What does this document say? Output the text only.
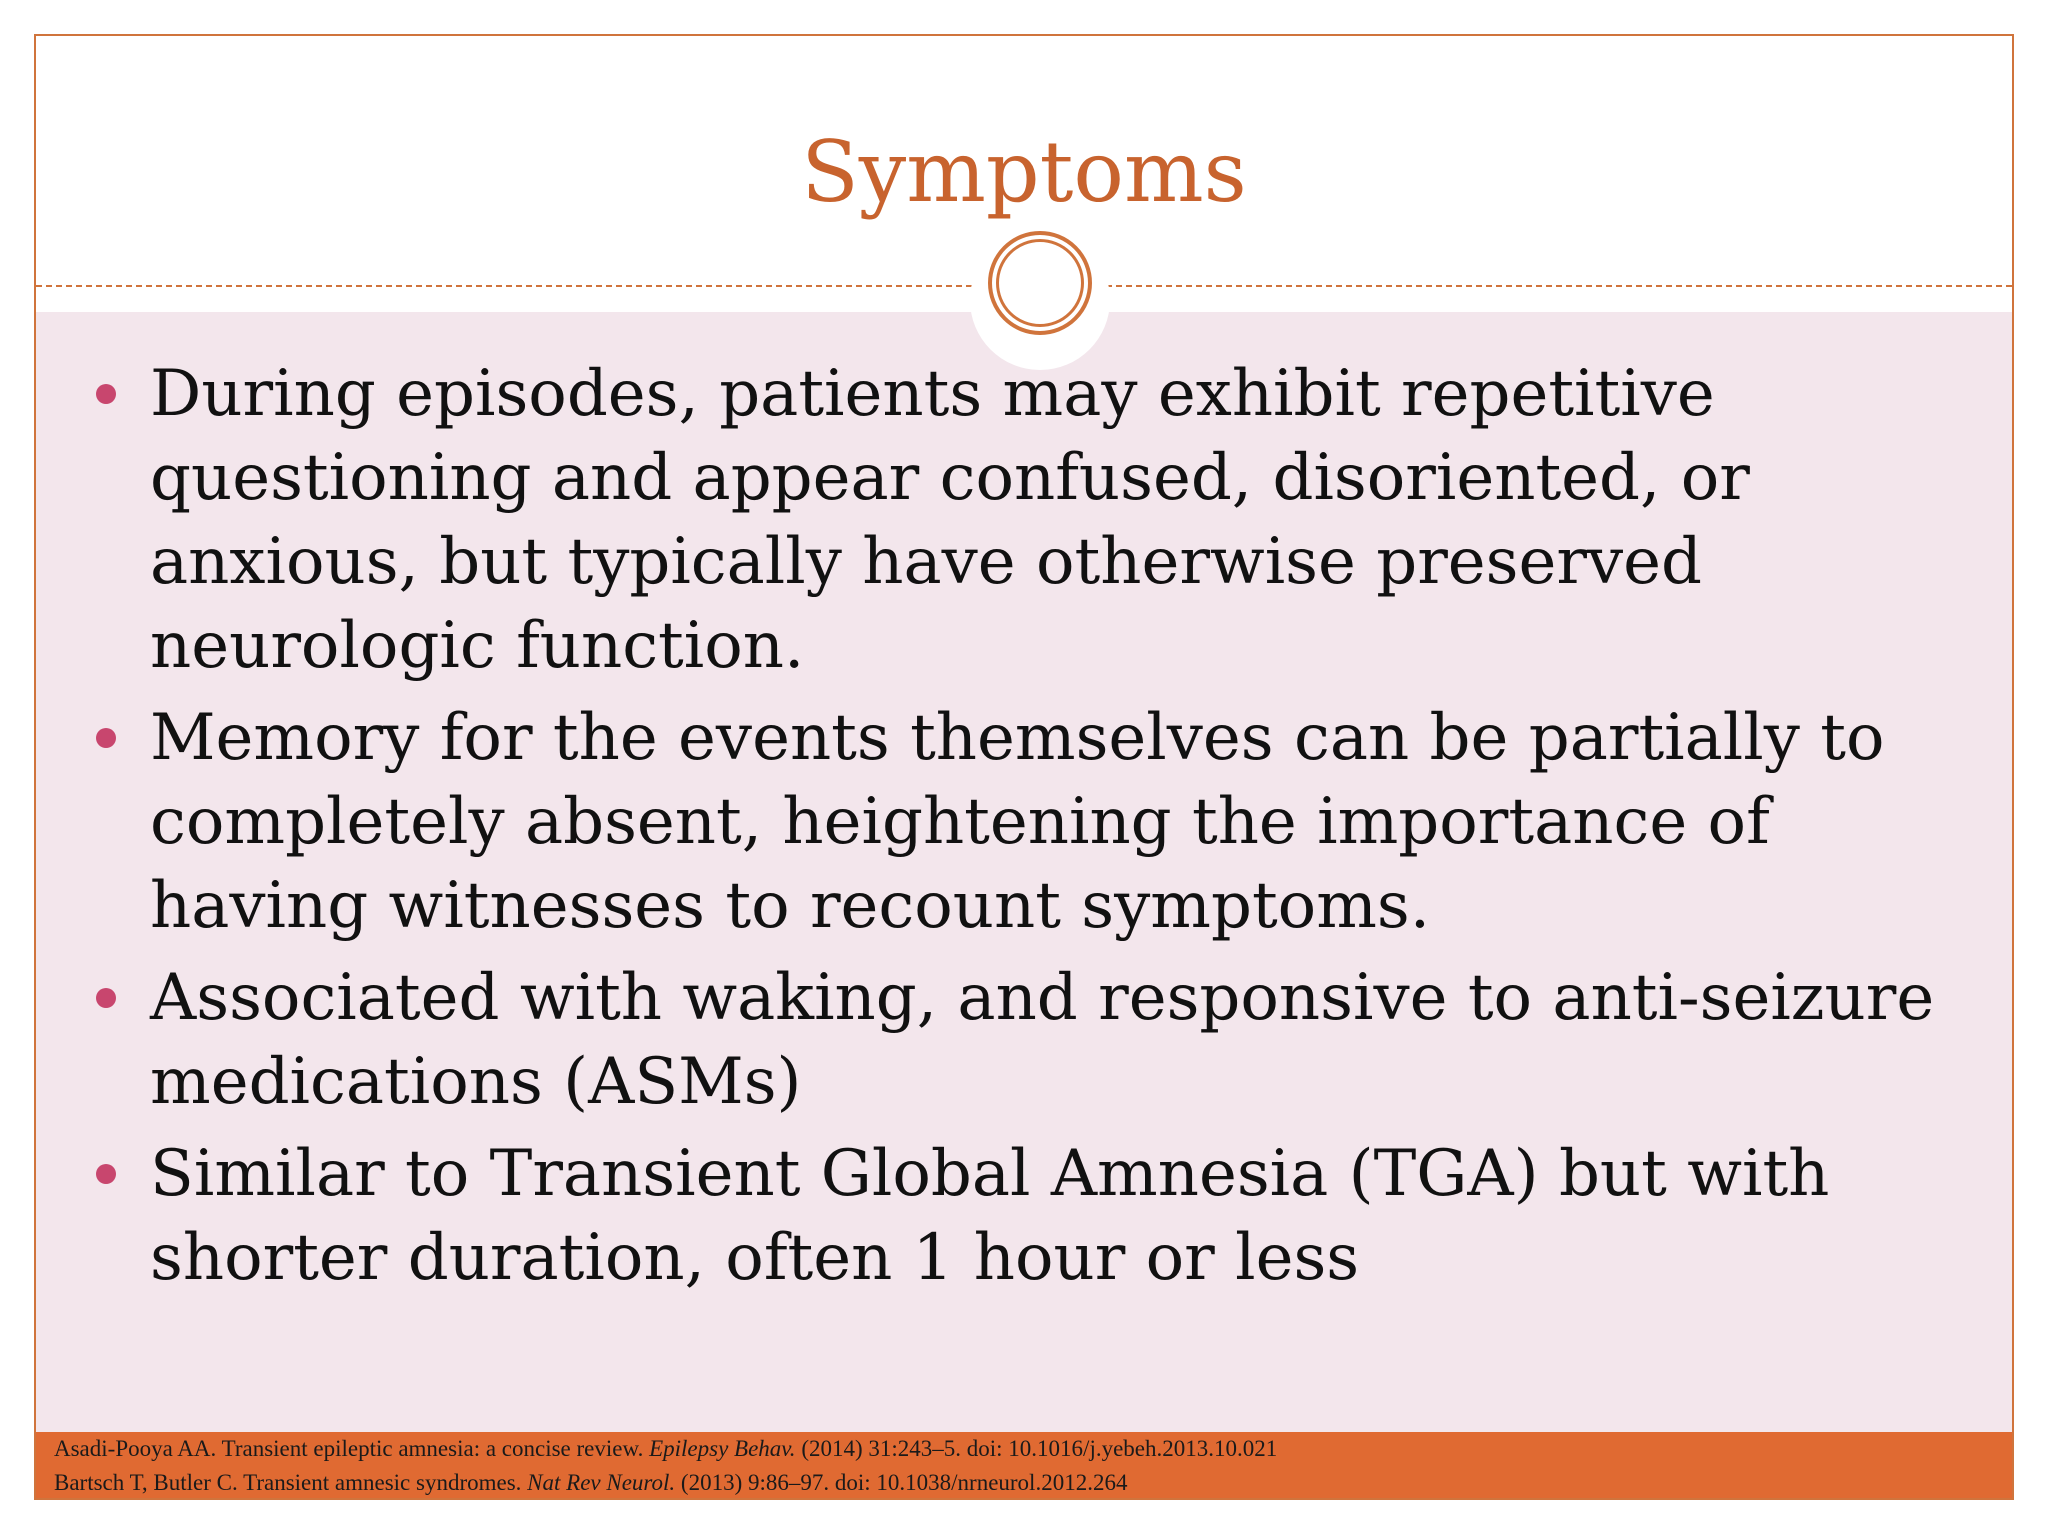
Symptoms
During episodes, patients may exhibit repetitive questioning and appear confused, disoriented, or anxious, but typically have otherwise preserved neurologic function.
Memory for the events themselves can be partially to completely absent, heightening the importance of having witnesses to recount symptoms.
Associated with waking, and responsive to anti-seizure medications (ASMs)
Similar to Transient Global Amnesia (TGA) but with shorter duration, often 1 hour or less
Asadi-Pooya AA. Transient epileptic amnesia: a concise review. Epilepsy Behav. (2014) 31:243–5. doi: 10.1016/j.yebeh.2013.10.021
Bartsch T, Butler C. Transient amnesic syndromes. Nat Rev Neurol. (2013) 9:86–97. doi: 10.1038/nrneurol.2012.264
